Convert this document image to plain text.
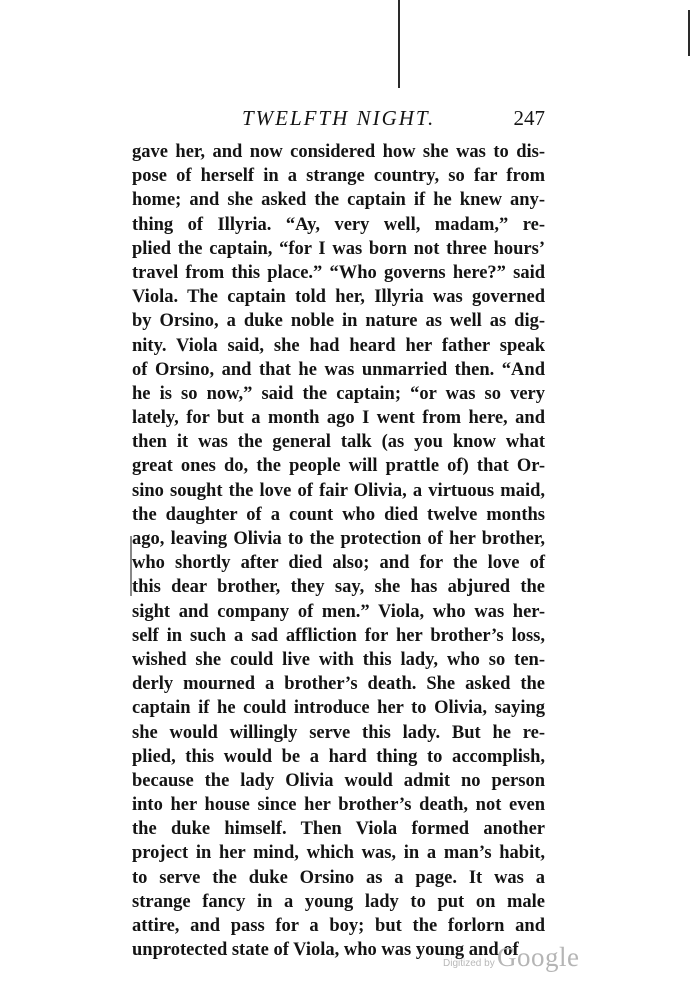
TWELFTH NIGHT.	247
gave her, and now considered how she was to dis-
pose of herself in a strange country, so far from
home; and she asked the captain if he knew any-
thing of Illyria. “Ay, very well, madam,” re-
plied the captain, “for I was born not three hours’
travel from this place.” “Who governs here?” said
Viola. The captain told her, Illyria was governed
by Orsino, a duke noble in nature as well as dig-
nity. Viola said, she had heard her father speak
of Orsino, and that he was unmarried then. “And
he is so now,” said the captain; “or was so very
lately, for but a month ago I went from here, and
then it was the general talk (as you know what
great ones do, the people will prattle of) that Or-
sino sought the love of fair Olivia, a virtuous maid,
the daughter of a count who died twelve months
ago, leaving Olivia to the protection of her brother,
who shortly after died also; and for the love of
this dear brother, they say, she has abjured the
sight and company of men.” Viola, who was her-
self in such a sad affliction for her brother’s loss,
wished she could live with this lady, who so ten-
derly mourned a brother’s death. She asked the
captain if he could introduce her to Olivia, saying
she would willingly serve this lady. But he re-
plied, this would be a hard thing to accomplish,
because the lady Olivia would admit no person
into her house since her brother’s death, not even
the duke himself. Then Viola formed another
project in her mind, which was, in a man’s habit,
to serve the duke Orsino as a page. It was a
strange fancy in a young lady to put on male
attire, and pass for a boy; but the forlorn and
unprotected state of Viola, who was young and of
Digitized by Google
